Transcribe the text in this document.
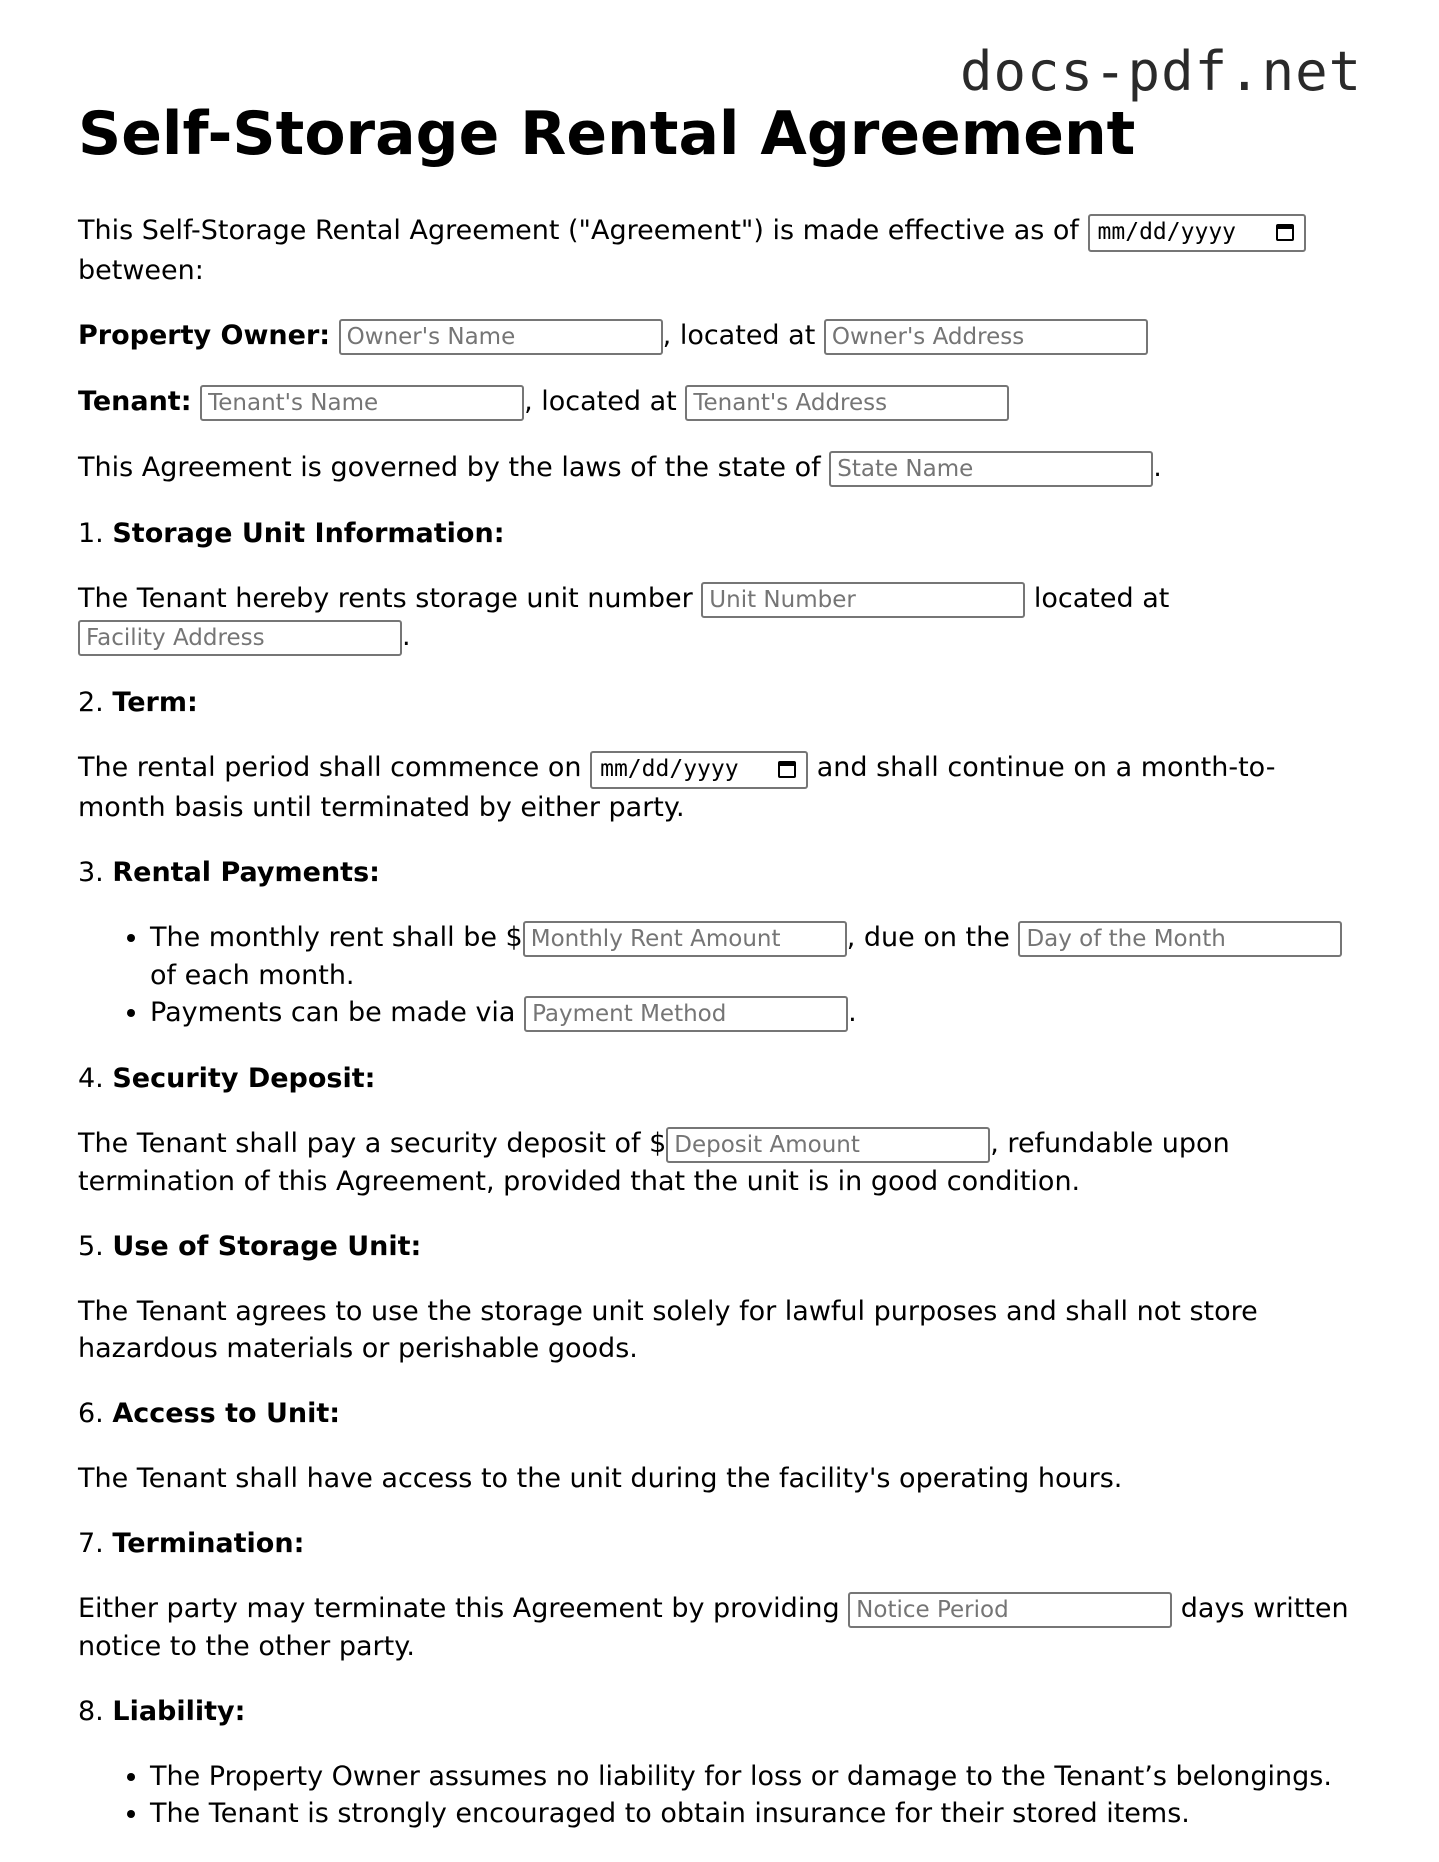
docs-pdf.net
Self-Storage Rental Agreement

This Self-Storage Rental Agreement ("Agreement") is made effective as of mm/dd/yyyy
between:

Property Owner: Owner's Name	, located at Owner's Address

Tenant: Tenant's Name	, located at Tenant's Address

This Agreement is governed by the laws of the state of State Name	.

1. Storage Unit Information:

The Tenant hereby rents storage unit number Unit Number	located at Facility Address.

2. Term:

The rental period shall commence on mm/dd/yyyy	and shall continue on a month-to-month basis until terminated by either party.

3. Rental Payments:
• The monthly rent shall be $Monthly Rent Amount	, due on the Day of the Month of each month.
• Payments can be made via Payment Method	.
4. Security Deposit:

The Tenant shall pay a security deposit of $Deposit Amount	, refundable upon termination of this Agreement, provided that the unit is in good condition.

5. Use of Storage Unit:

The Tenant agrees to use the storage unit solely for lawful purposes and shall not store hazardous materials or perishable goods.

6. Access to Unit:

The Tenant shall have access to the unit during the facility's operating hours.

7. Termination:

Either party may terminate this Agreement by providing Notice Period	days written notice to the other party.

8. Liability:
• The Property Owner assumes no liability for loss or damage to the Tenant’s belongings.
• The Tenant is strongly encouraged to obtain insurance for their stored items.
